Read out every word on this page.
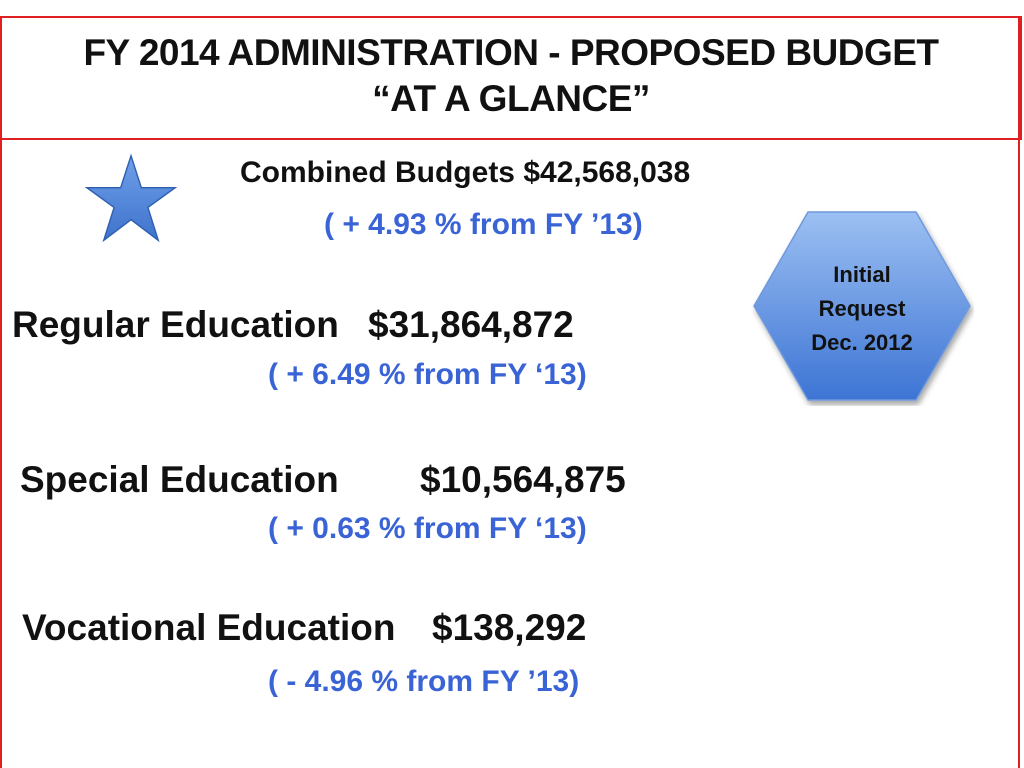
FY 2014 ADMINISTRATION - PROPOSED BUDGET
“AT A GLANCE”
Combined Budgets $42,568,038
( + 4.93 % from FY ’13)
Initial
Request
Dec. 2012
Regular Education $31,864,872
( + 6.49 % from FY ‘13)
Special Education $10,564,875
( + 0.63 % from FY ‘13)
Vocational Education $138,292
( - 4.96 % from FY ’13)
